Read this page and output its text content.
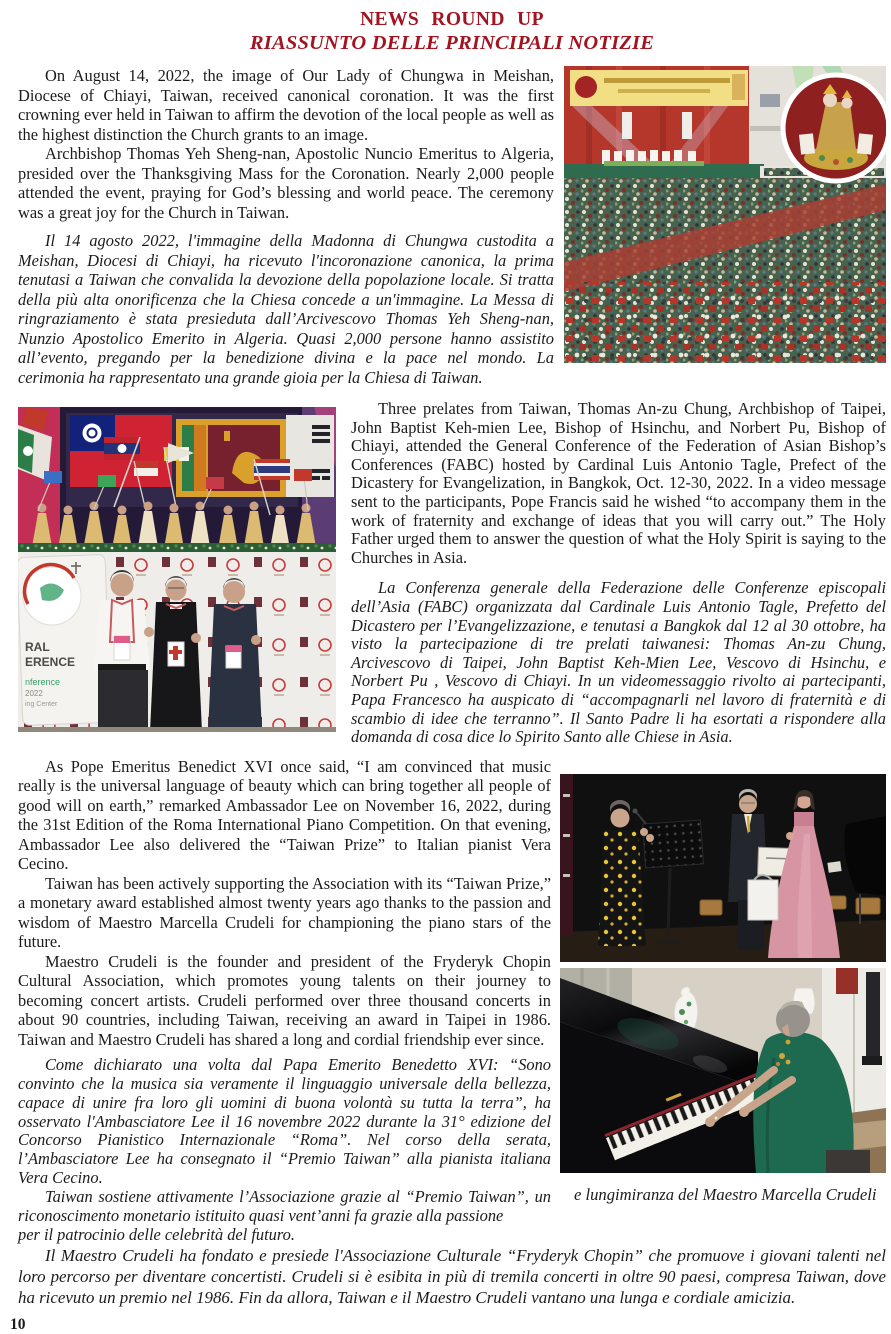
NEWS ROUND UP
RIASSUNTO DELLE PRINCIPALI NOTIZIE

On August 14, 2022, the image of Our Lady of Chungwa in Meishan, Diocese of Chiayi, Taiwan, received canonical coronation. It was the first crowning ever held in Taiwan to affirm the devotion of the local people as well as the highest distinction the Church grants to an image.

Archbishop Thomas Yeh Sheng-nan, Apostolic Nuncio Emeritus to Algeria, presided over the Thanksgiving Mass for the Coronation. Nearly 2,000 people attended the event, praying for God’s blessing and world peace. The ceremony was a great joy for the Church in Taiwan.

Il 14 agosto 2022, l'immagine della Madonna di Chungwa custodita a Meishan, Diocesi di Chiayi, ha ricevuto l'incoronazione canonica, la prima tenutasi a Taiwan che convalida la devozione della popolazione locale. Si tratta della più alta onorificenza che la Chiesa concede a un'immagine. La Messa di ringraziamento è stata presieduta dall’Arcivescovo Thomas Yeh Sheng-nan, Nunzio Apostolico Emerito in Algeria. Quasi 2,000 persone hanno assistito all’evento, pregando per la benedizione divina e la pace nel mondo. La cerimonia ha rappresentato una grande gioia per la Chiesa di Taiwan.

RAL
ERENCE
nference
2022
ing Center

Three prelates from Taiwan, Thomas An-zu Chung, Archbishop of Taipei, John Baptist Keh-mien Lee, Bishop of Hsinchu, and Norbert Pu, Bishop of Chiayi, attended the General Conference of the Federation of Asian Bishop’s Conferences (FABC) hosted by Cardinal Luis Antonio Tagle, Prefect of the Dicastery for Evangelization, in Bangkok, Oct. 12-30, 2022. In a video message sent to the participants, Pope Francis said he wished “to accompany them in the work of fraternity and exchange of ideas that you will carry out.” The Holy Father urged them to answer the question of what the Holy Spirit is saying to the Churches in Asia.

La Conferenza generale della Federazione delle Conferenze episcopali dell’Asia (FABC) organizzata dal Cardinale Luis Antonio Tagle, Prefetto del Dicastero per l’Evangelizzazione, e tenutasi a Bangkok dal 12 al 30 ottobre, ha visto la partecipazione di tre prelati taiwanesi: Thomas An-zu Chung, Arcivescovo di Taipei, John Baptist Keh-Mien Lee, Vescovo di Hsinchu, e Norbert Pu , Vescovo di Chiayi. In un videomessaggio rivolto ai partecipanti, Papa Francesco ha auspicato di “accompagnarli nel lavoro di fraternità e di scambio di idee che terranno”. Il Santo Padre li ha esortati a rispondere alla domanda di cosa dice lo Spirito Santo alle Chiese in Asia.

As Pope Emeritus Benedict XVI once said, “I am convinced that music really is the universal language of beauty which can bring together all people of good will on earth,” remarked Ambassador Lee on November 16, 2022, during the 31st Edition of the Roma International Piano Competition. On that evening, Ambassador Lee also delivered the “Taiwan Prize” to Italian pianist Vera Cecino.

Taiwan has been actively supporting the Association with its “Taiwan Prize,” a monetary award established almost twenty years ago thanks to the passion and wisdom of Maestro Marcella Crudeli for championing the piano stars of the future.

Maestro Crudeli is the founder and president of the Fryderyk Chopin Cultural Association, which promotes young talents on their journey to becoming concert artists. Crudeli performed over three thousand concerts in about 90 countries, including Taiwan, receiving an award in Taipei in 1986. Taiwan and Maestro Crudeli has shared a long and cordial friendship ever since.

Come dichiarato una volta dal Papa Emerito Benedetto XVI: “Sono convinto che la musica sia veramente il linguaggio universale della bellezza, capace di unire fra loro gli uomini di buona volontà su tutta la terra”, ha osservato l'Ambasciatore Lee il 16 novembre 2022 durante la 31° edizione del Concorso Pianistico Internazionale “Roma”. Nel corso della serata, l’Ambasciatore Lee ha consegnato il “Premio Taiwan” alla pianista italiana Vera Cecino.

Taiwan sostiene attivamente l’Associazione grazie al “Premio Taiwan”, un riconoscimento monetario istituito quasi vent’anni fa grazie alla passione

e lungimiranza del Maestro Marcella Crudeli

per il patrocinio delle celebrità del futuro.

Il Maestro Crudeli ha fondato e presiede l'Associazione Culturale “Fryderyk Chopin” che promuove i giovani talenti nel loro percorso per diventare concertisti. Crudeli si è esibita in più di tremila concerti in oltre 90 paesi, compresa Taiwan, dove ha ricevuto un premio nel 1986. Fin da allora, Taiwan e il Maestro Crudeli vantano una lunga e cordiale amicizia.

10
